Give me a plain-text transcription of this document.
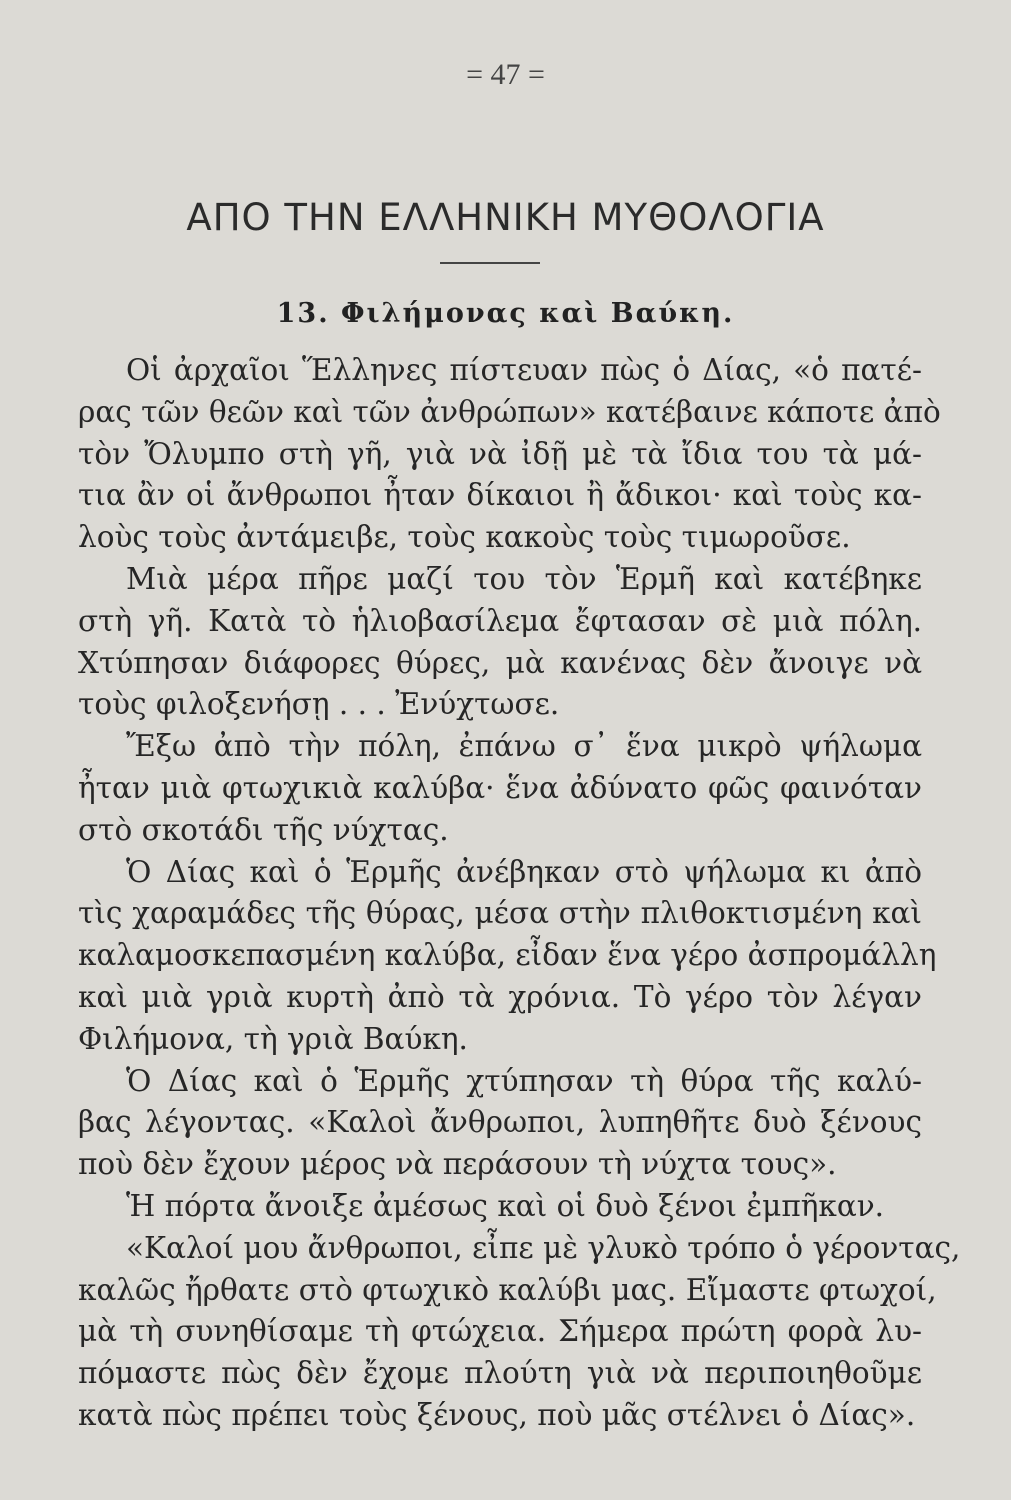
= 47 =
ΑΠΟ ΤΗΝ ΕΛΛΗΝΙΚΗ ΜΥΘΟΛΟΓΙΑ
13. Φιλήμονας καὶ Βαύκη.
Οἱ ἀρχαῖοι Ἕλληνες πίστευαν πὼς ὁ Δίας, «ὁ πατέ-
ρας τῶν θεῶν καὶ τῶν ἀνθρώπων» κατέβαινε κάποτε ἀπὸ
τὸν Ὄλυμπο στὴ γῆ, γιὰ νὰ ἰδῇ μὲ τὰ ἴδια του τὰ μά-
τια ἂν οἱ ἄνθρωποι ἦταν δίκαιοι ἢ ἄδικοι· καὶ τοὺς κα-
λοὺς τοὺς ἀντάμειβε, τοὺς κακοὺς τοὺς τιμωροῦσε.
Μιὰ μέρα πῆρε μαζί του τὸν Ἑρμῆ καὶ κατέβηκε
στὴ γῆ. Κατὰ τὸ ἡλιοβασίλεμα ἔφτασαν σὲ μιὰ πόλη.
Χτύπησαν διάφορες θύρες, μὰ κανένας δὲν ἄνοιγε νὰ
τοὺς φιλοξενήσῃ . . . Ἐνύχτωσε.
Ἔξω ἀπὸ τὴν πόλη, ἐπάνω σ᾽ ἕνα μικρὸ ψήλωμα
ἦταν μιὰ φτωχικιὰ καλύβα· ἕνα ἀδύνατο φῶς φαινόταν
στὸ σκοτάδι τῆς νύχτας.
Ὁ Δίας καὶ ὁ Ἑρμῆς ἀνέβηκαν στὸ ψήλωμα κι ἀπὸ
τὶς χαραμάδες τῆς θύρας, μέσα στὴν πλιθοκτισμένη καὶ
καλαμοσκεπασμένη καλύβα, εἶδαν ἕνα γέρο ἀσπρομάλλη
καὶ μιὰ γριὰ κυρτὴ ἀπὸ τὰ χρόνια. Τὸ γέρο τὸν λέγαν
Φιλήμονα, τὴ γριὰ Βαύκη.
Ὁ Δίας καὶ ὁ Ἑρμῆς χτύπησαν τὴ θύρα τῆς καλύ-
βας λέγοντας. «Καλοὶ ἄνθρωποι, λυπηθῆτε δυὸ ξένους
ποὺ δὲν ἔχουν μέρος νὰ περάσουν τὴ νύχτα τους».
Ἡ πόρτα ἄνοιξε ἀμέσως καὶ οἱ δυὸ ξένοι ἐμπῆκαν.
«Καλοί μου ἄνθρωποι, εἶπε μὲ γλυκὸ τρόπο ὁ γέροντας,
καλῶς ἤρθατε στὸ φτωχικὸ καλύβι μας. Εἴμαστε φτωχοί,
μὰ τὴ συνηθίσαμε τὴ φτώχεια. Σήμερα πρώτη φορὰ λυ-
πόμαστε πὼς δὲν ἔχομε πλούτη γιὰ νὰ περιποιηθοῦμε
κατὰ πὼς πρέπει τοὺς ξένους, ποὺ μᾶς στέλνει ὁ Δίας».
